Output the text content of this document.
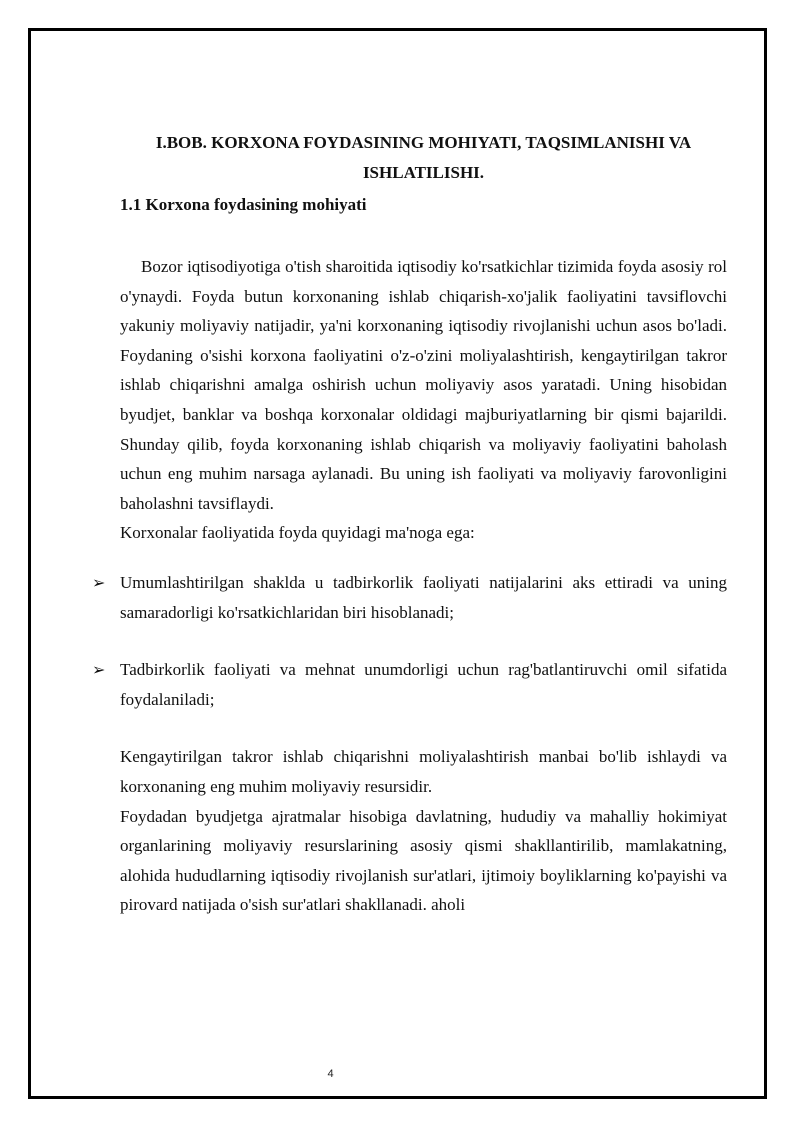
I.BOB. KORXONA FOYDASINING MOHIYATI, TAQSIMLANISHI VA ISHLATILISHI.
1.1 Korxona foydasining mohiyati

Bozor iqtisodiyotiga o'tish sharoitida iqtisodiy ko'rsatkichlar tizimida foyda asosiy rol o'ynaydi. Foyda butun korxonaning ishlab chiqarish-xo'jalik faoliyatini tavsiflovchi yakuniy moliyaviy natijadir, ya'ni korxonaning iqtisodiy rivojlanishi uchun asos bo'ladi. Foydaning o'sishi korxona faoliyatini o'z-o'zini moliyalashtirish, kengaytirilgan takror ishlab chiqarishni amalga oshirish uchun moliyaviy asos yaratadi. Uning hisobidan byudjet, banklar va boshqa korxonalar oldidagi majburiyatlarning bir qismi bajarildi. Shunday qilib, foyda korxonaning ishlab chiqarish va moliyaviy faoliyatini baholash uchun eng muhim narsaga aylanadi. Bu uning ish faoliyati va moliyaviy farovonligini baholashni tavsiflaydi.

Korxonalar faoliyatida foyda quyidagi ma'noga ega:

➢ Umumlashtirilgan shaklda u tadbirkorlik faoliyati natijalarini aks ettiradi va uning samaradorligi ko'rsatkichlaridan biri hisoblanadi;
➢ Tadbirkorlik faoliyati va mehnat unumdorligi uchun rag'batlantiruvchi omil sifatida foydalaniladi;

Kengaytirilgan takror ishlab chiqarishni moliyalashtirish manbai bo'lib ishlaydi va korxonaning eng muhim moliyaviy resursidir.

Foydadan byudjetga ajratmalar hisobiga davlatning, hududiy va mahalliy hokimiyat organlarining moliyaviy resurslarining asosiy qismi shakllantirilib, mamlakatning, alohida hududlarning iqtisodiy rivojlanish sur'atlari, ijtimoiy boyliklarning ko'payishi va pirovard natijada o'sish sur'atlari shakllanadi. aholi

4
